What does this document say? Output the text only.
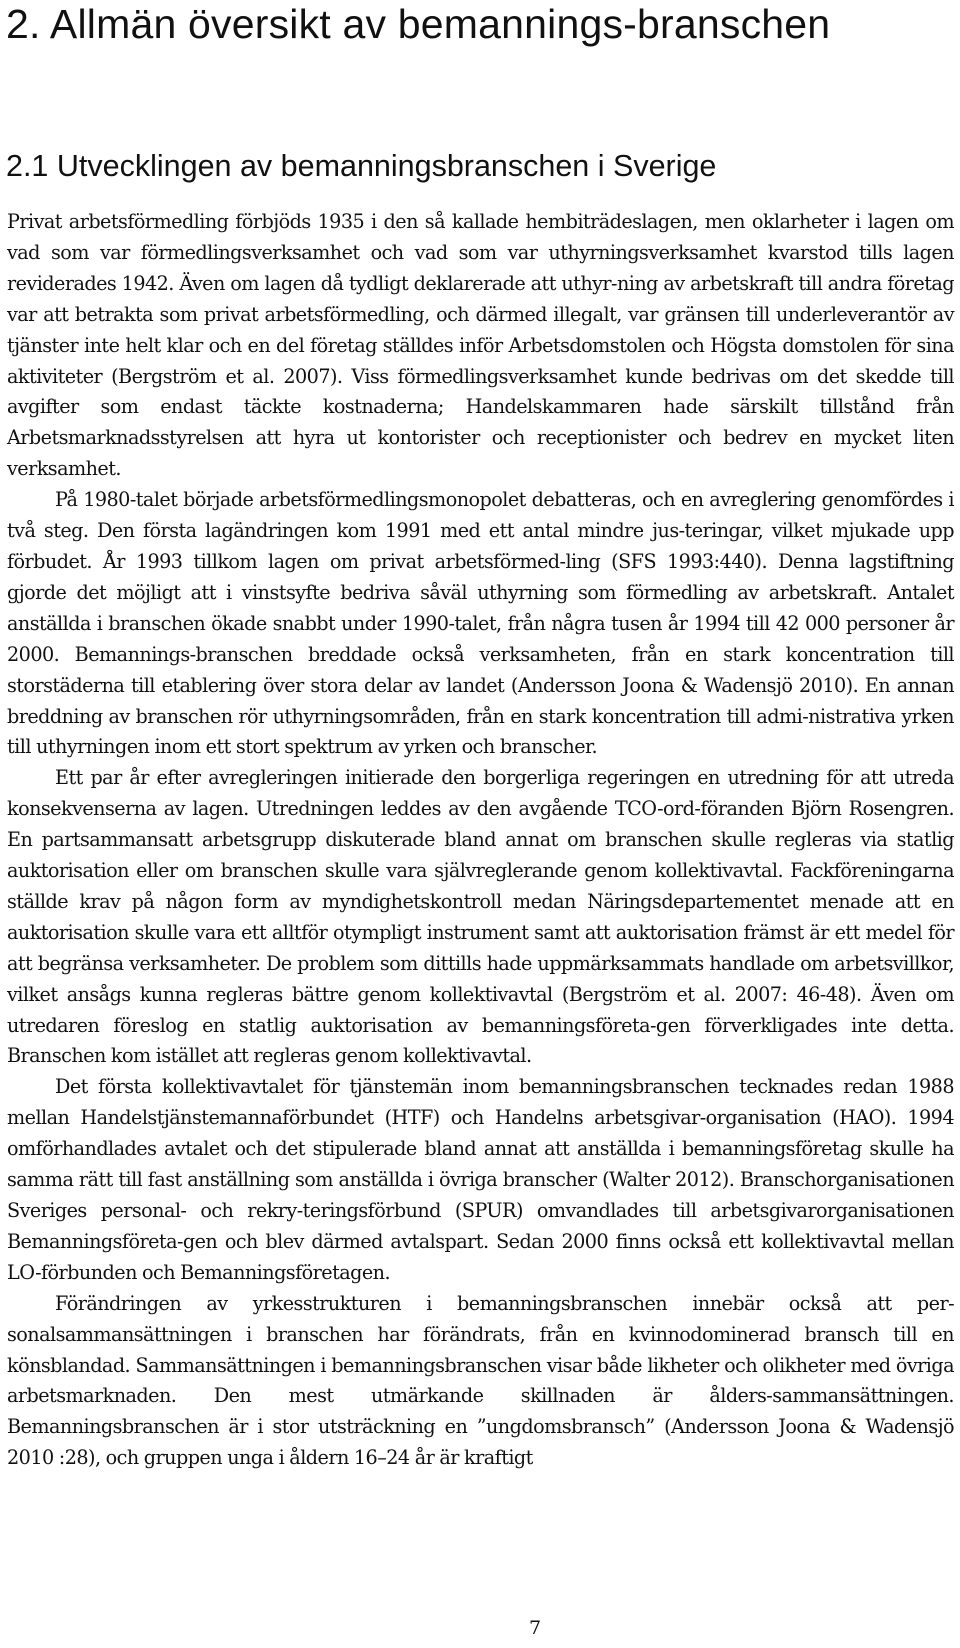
2. Allmän översikt av bemannings-branschen
2.1 Utvecklingen av bemanningsbranschen i Sverige

Privat arbetsförmedling förbjöds 1935 i den så kallade hembiträdeslagen, men oklarheter i lagen om vad som var förmedlingsverksamhet och vad som var uthyrningsverksamhet kvarstod tills lagen reviderades 1942. Även om lagen då tydligt deklarerade att uthyr-ning av arbetskraft till andra företag var att betrakta som privat arbetsförmedling, och därmed illegalt, var gränsen till underleverantör av tjänster inte helt klar och en del företag ställdes inför Arbetsdomstolen och Högsta domstolen för sina aktiviteter (Bergström et al. 2007). Viss förmedlingsverksamhet kunde bedrivas om det skedde till avgifter som endast täckte kostnaderna; Handelskammaren hade särskilt tillstånd från Arbetsmarknadsstyrelsen att hyra ut kontorister och receptionister och bedrev en mycket liten verksamhet.

På 1980-talet började arbetsförmedlingsmonopolet debatteras, och en avreglering genomfördes i två steg. Den första lagändringen kom 1991 med ett antal mindre jus-teringar, vilket mjukade upp förbudet. År 1993 tillkom lagen om privat arbetsförmed-ling (SFS 1993:440). Denna lagstiftning gjorde det möjligt att i vinstsyfte bedriva såväl uthyrning som förmedling av arbetskraft. Antalet anställda i branschen ökade snabbt under 1990-talet, från några tusen år 1994 till 42 000 personer år 2000. Bemannings-branschen breddade också verksamheten, från en stark koncentration till storstäderna till etablering över stora delar av landet (Andersson Joona & Wadensjö 2010). En annan breddning av branschen rör uthyrningsområden, från en stark koncentration till admi-nistrativa yrken till uthyrningen inom ett stort spektrum av yrken och branscher.

Ett par år efter avregleringen initierade den borgerliga regeringen en utredning för att utreda konsekvenserna av lagen. Utredningen leddes av den avgående TCO-ord-föranden Björn Rosengren. En partsammansatt arbetsgrupp diskuterade bland annat om branschen skulle regleras via statlig auktorisation eller om branschen skulle vara självreglerande genom kollektivavtal. Fackföreningarna ställde krav på någon form av myndighetskontroll medan Näringsdepartementet menade att en auktorisation skulle vara ett alltför otympligt instrument samt att auktorisation främst är ett medel för att begränsa verksamheter. De problem som dittills hade uppmärksammats handlade om arbetsvillkor, vilket ansågs kunna regleras bättre genom kollektivavtal (Bergström et al. 2007: 46-48). Även om utredaren föreslog en statlig auktorisation av bemanningsföreta-gen förverkligades inte detta. Branschen kom istället att regleras genom kollektivavtal.

Det första kollektivavtalet för tjänstemän inom bemanningsbranschen tecknades redan 1988 mellan Handelstjänstemannaförbundet (HTF) och Handelns arbetsgivar-organisation (HAO). 1994 omförhandlades avtalet och det stipulerade bland annat att anställda i bemanningsföretag skulle ha samma rätt till fast anställning som anställda i övriga branscher (Walter 2012). Branschorganisationen Sveriges personal- och rekry-teringsförbund (SPUR) omvandlades till arbetsgivarorganisationen Bemanningsföreta-gen och blev därmed avtalspart. Sedan 2000 finns också ett kollektivavtal mellan LO-förbunden och Bemanningsföretagen.

Förändringen av yrkesstrukturen i bemanningsbranschen innebär också att per-sonalsammansättningen i branschen har förändrats, från en kvinnodominerad bransch till en könsblandad. Sammansättningen i bemanningsbranschen visar både likheter och olikheter med övriga arbetsmarknaden. Den mest utmärkande skillnaden är ålders-sammansättningen. Bemanningsbranschen är i stor utsträckning en ”ungdomsbransch” (Andersson Joona & Wadensjö 2010 :28), och gruppen unga i åldern 16–24 år är kraftigt

7
